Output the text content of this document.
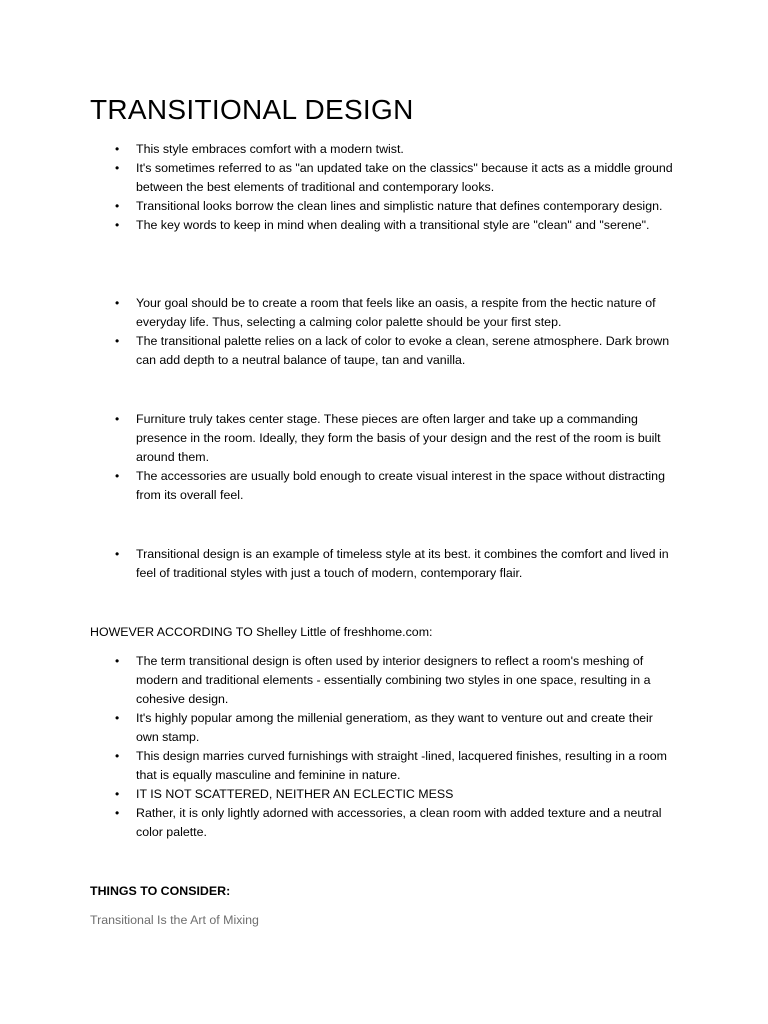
TRANSITIONAL DESIGN
• This style embraces comfort with a modern twist.
• It's sometimes referred to as "an updated take on the classics" because it acts as a middle ground between the best elements of traditional and contemporary looks.
• Transitional looks borrow the clean lines and simplistic nature that defines contemporary design.
• The key words to keep in mind when dealing with a transitional style are "clean" and "serene".
• Your goal should be to create a room that feels like an oasis, a respite from the hectic nature of everyday life. Thus, selecting a calming color palette should be your first step.
• The transitional palette relies on a lack of color to evoke a clean, serene atmosphere. Dark brown can add depth to a neutral balance of taupe, tan and vanilla.
• Furniture truly takes center stage. These pieces are often larger and take up a commanding presence in the room. Ideally, they form the basis of your design and the rest of the room is built around them.
• The accessories are usually bold enough to create visual interest in the space without distracting from its overall feel.
• Transitional design is an example of timeless style at its best. it combines the comfort and lived in feel of traditional styles with just a touch of modern, contemporary flair.

HOWEVER ACCORDING TO Shelley Little of freshhome.com:

• The term transitional design is often used by interior designers to reflect a room's meshing of modern and traditional elements - essentially combining two styles in one space, resulting in a cohesive design.
• It's highly popular among the millenial generatiom, as they want to venture out and create their own stamp.
• This design marries curved furnishings with straight -lined, lacquered finishes, resulting in a room that is equally masculine and feminine in nature.
• IT IS NOT SCATTERED, NEITHER AN ECLECTIC MESS
• Rather, it is only lightly adorned with accessories, a clean room with added texture and a neutral color palette.

THINGS TO CONSIDER:

Transitional Is the Art of Mixing
